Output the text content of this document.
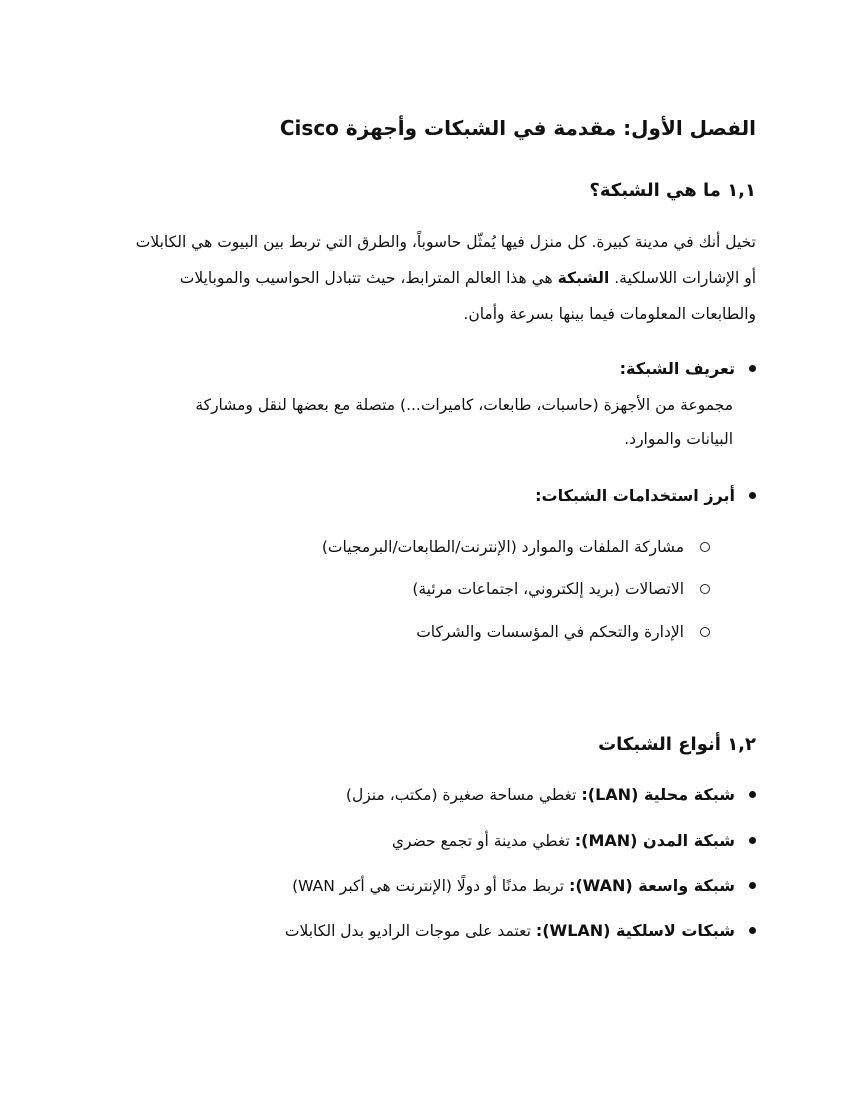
الفصل الأول: مقدمة في الشبكات وأجهزة Cisco
١,١ ما هي الشبكة؟
تخيل أنك في مدينة كبيرة. كل منزل فيها يُمثّل حاسوباً، والطرق التي تربط بين البيوت هي الكابلات
أو الإشارات اللاسلكية. الشبكة هي هذا العالم المترابط، حيث تتبادل الحواسيب والموبايلات
والطابعات المعلومات فيما بينها بسرعة وأمان.
تعريف الشبكة:
مجموعة من الأجهزة (حاسبات، طابعات، كاميرات...) متصلة مع بعضها لنقل ومشاركة
البيانات والموارد.
أبرز استخدامات الشبكات:
مشاركة الملفات والموارد (الإنترنت/الطابعات/البرمجيات)
الاتصالات (بريد إلكتروني، اجتماعات مرئية)
الإدارة والتحكم في المؤسسات والشركات
١,٢ أنواع الشبكات
شبكة محلية (LAN): تغطي مساحة صغيرة (مكتب، منزل)
شبكة المدن (MAN): تغطي مدينة أو تجمع حضري
شبكة واسعة (WAN): تربط مدنًا أو دولًا (الإنترنت هي أكبر WAN)
شبكات لاسلكية (WLAN): تعتمد على موجات الراديو بدل الكابلات
